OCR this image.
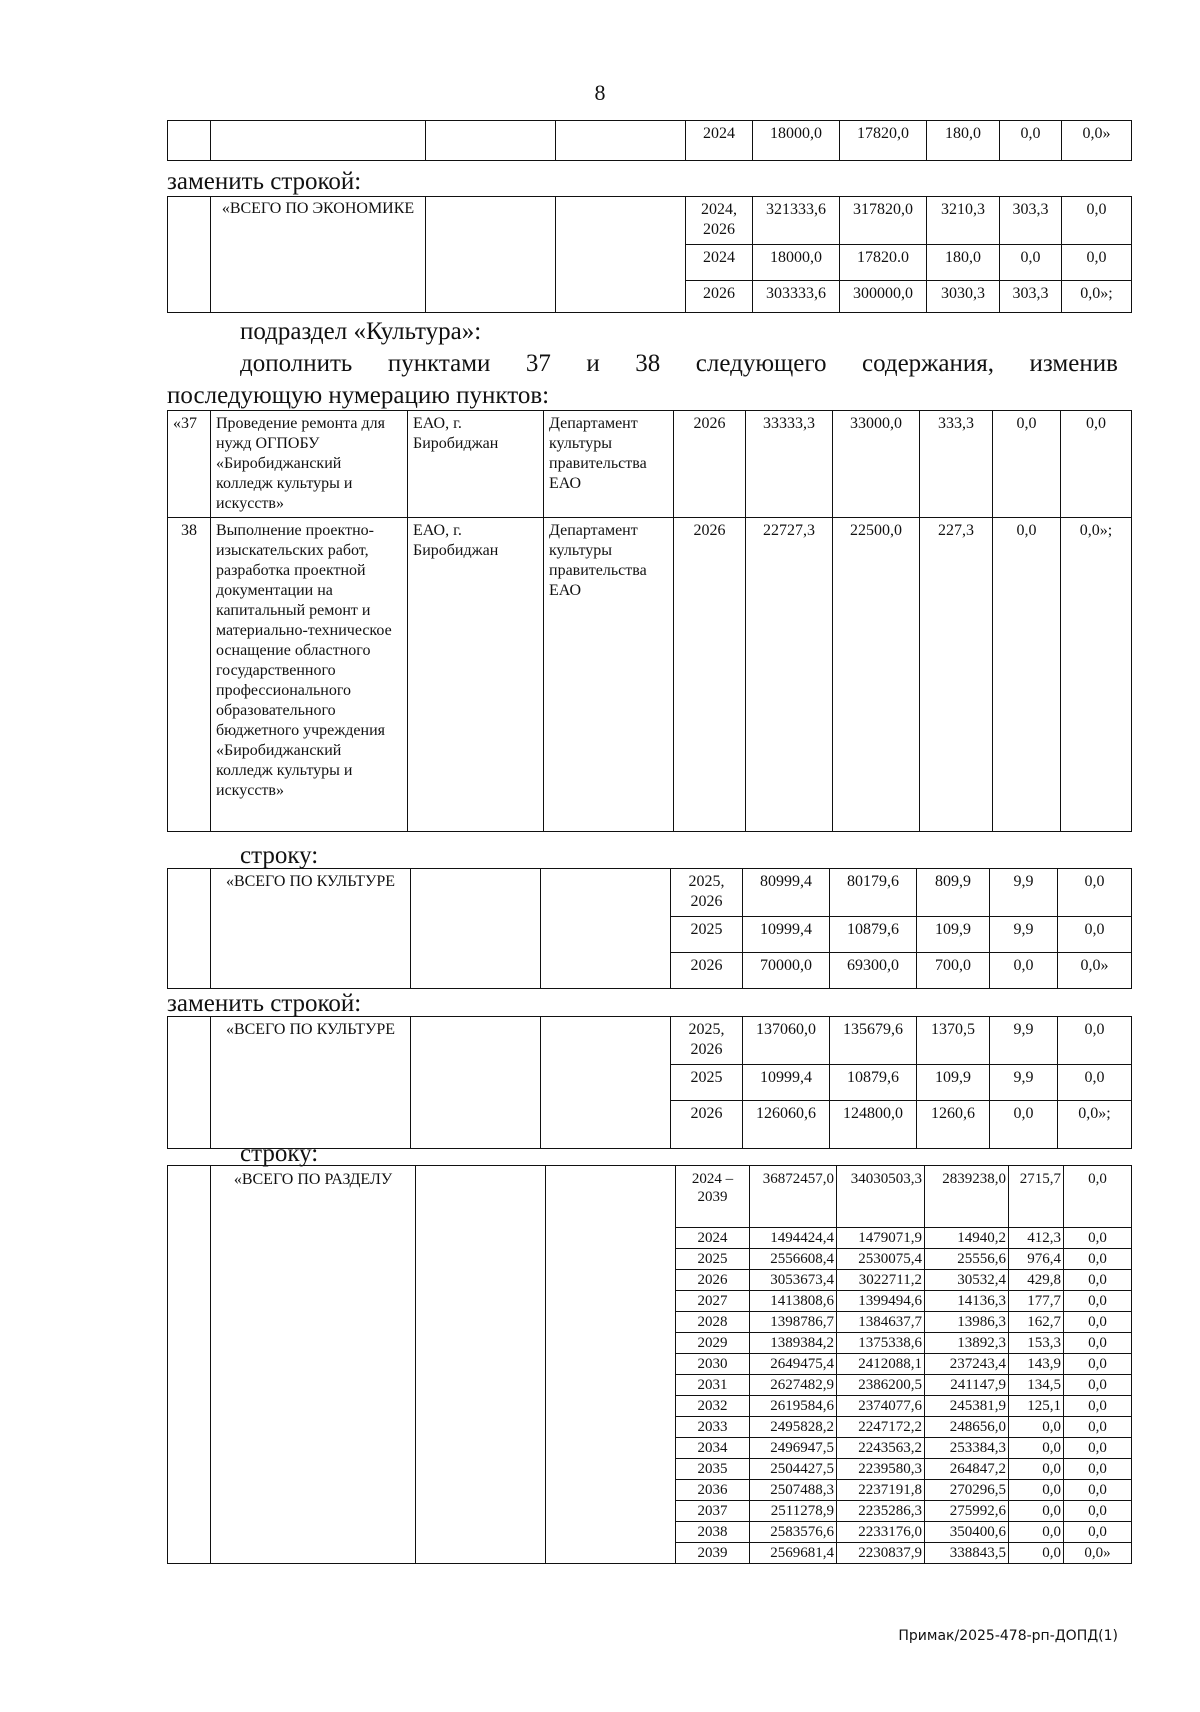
8
				2024	18000,0	17820,0	180,0	0,0	0,0»
заменить строкой:
	«ВСЕГО ПО ЭКОНОМИКЕ			2024, 2026	321333,6	317820,0	3210,3	303,3	0,0
				2024	18000,0	17820.0	180,0	0,0	0,0
				2026	303333,6	300000,0	3030,3	303,3	0,0»;
подраздел «Культура»:
дополнить пунктами 37 и 38 следующего содержания, изменив
последующую нумерацию пунктов:
«37	Проведение ремонта для нужд ОГПОБУ «Биробиджанский колледж культуры и искусств»	ЕАО, г. Биробиджан	Департамент культуры правительства ЕАО	2026	33333,3	33000,0	333,3	0,0	0,0
38	Выполнение проектно-изыскательских работ, разработка проектной документации на капитальный ремонт и материально-техническое оснащение областного государственного профессионального образовательного бюджетного учреждения «Биробиджанский колледж культуры и искусств»	ЕАО, г. Биробиджан	Департамент культуры правительства ЕАО	2026	22727,3	22500,0	227,3	0,0	0,0»;
строку:
	«ВСЕГО ПО КУЛЬТУРЕ			2025, 2026	80999,4	80179,6	809,9	9,9	0,0
				2025	10999,4	10879,6	109,9	9,9	0,0
				2026	70000,0	69300,0	700,0	0,0	0,0»
заменить строкой:
	«ВСЕГО ПО КУЛЬТУРЕ			2025, 2026	137060,0	135679,6	1370,5	9,9	0,0
				2025	10999,4	10879,6	109,9	9,9	0,0
				2026	126060,6	124800,0	1260,6	0,0	0,0»;
строку:
	«ВСЕГО ПО РАЗДЕЛУ			2024 – 2039	36872457,0	34030503,3	2839238,0	2715,7	0,0
				2024	1494424,4	1479071,9	14940,2	412,3	0,0
				2025	2556608,4	2530075,4	25556,6	976,4	0,0
				2026	3053673,4	3022711,2	30532,4	429,8	0,0
				2027	1413808,6	1399494,6	14136,3	177,7	0,0
				2028	1398786,7	1384637,7	13986,3	162,7	0,0
				2029	1389384,2	1375338,6	13892,3	153,3	0,0
				2030	2649475,4	2412088,1	237243,4	143,9	0,0
				2031	2627482,9	2386200,5	241147,9	134,5	0,0
				2032	2619584,6	2374077,6	245381,9	125,1	0,0
				2033	2495828,2	2247172,2	248656,0	0,0	0,0
				2034	2496947,5	2243563,2	253384,3	0,0	0,0
				2035	2504427,5	2239580,3	264847,2	0,0	0,0
				2036	2507488,3	2237191,8	270296,5	0,0	0,0
				2037	2511278,9	2235286,3	275992,6	0,0	0,0
				2038	2583576,6	2233176,0	350400,6	0,0	0,0
				2039	2569681,4	2230837,9	338843,5	0,0	0,0»
Примак/2025-478-рп-ДОПД(1)
